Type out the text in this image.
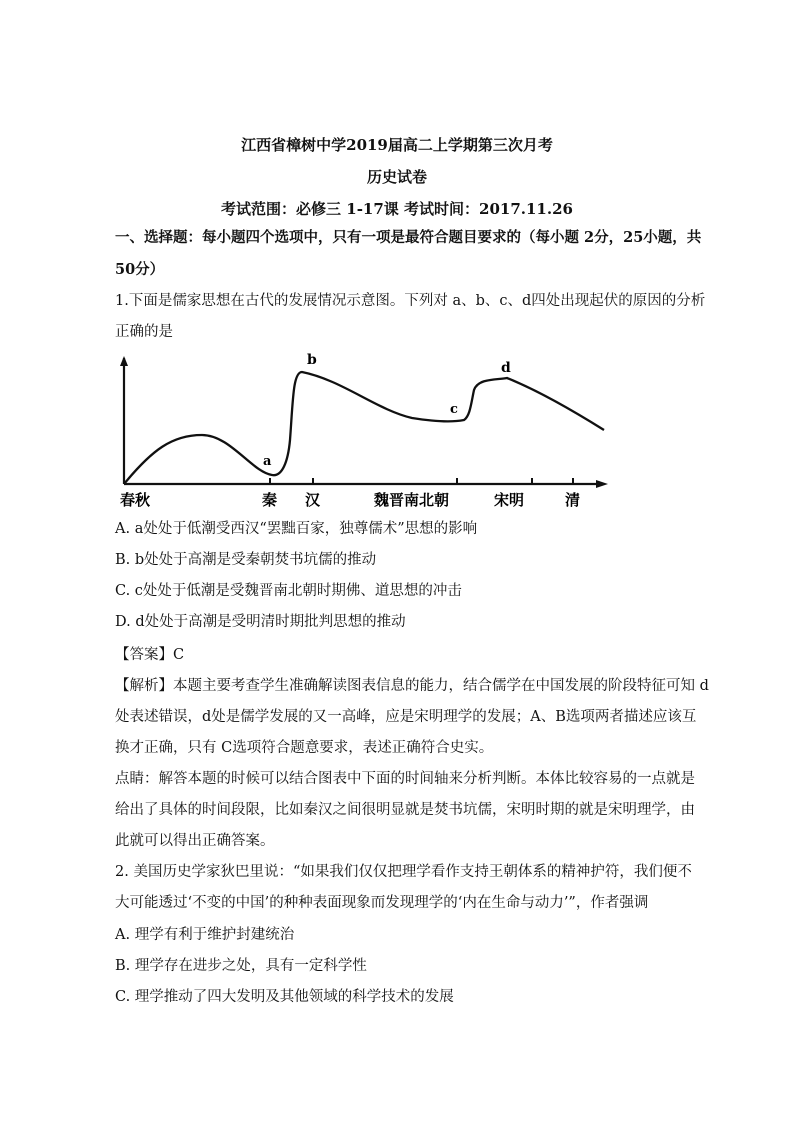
江西省樟树中学2019届高二上学期第三次月考
历史试卷
考试范围：必修三 1-17课 考试时间：2017.11.26
一、选择题：每小题四个选项中，只有一项是最符合题目要求的（每小题 2分，25小题，共
50分）
1.下面是儒家思想在古代的发展情况示意图。下列对 a、b、c、d四处出现起伏的原因的分析
正确的是
a
b
c
d
春秋	秦 汉	魏晋南北朝	宋明	清
A. a处处于低潮受西汉“罢黜百家，独尊儒术”思想的影响
B. b处处于高潮是受秦朝焚书坑儒的推动
C. c处处于低潮是受魏晋南北朝时期佛、道思想的冲击
D. d处处于高潮是受明清时期批判思想的推动
【答案】C
【解析】本题主要考查学生准确解读图表信息的能力，结合儒学在中国发展的阶段特征可知 d
处表述错误，d处是儒学发展的又一高峰，应是宋明理学的发展；A、B选项两者描述应该互
换才正确，只有 C选项符合题意要求，表述正确符合史实。
点睛：解答本题的时候可以结合图表中下面的时间轴来分析判断。本体比较容易的一点就是
给出了具体的时间段限，比如秦汉之间很明显就是焚书坑儒，宋明时期的就是宋明理学，由
此就可以得出正确答案。
2. 美国历史学家狄巴里说：“如果我们仅仅把理学看作支持王朝体系的精神护符，我们便不
大可能透过‘不变的中国’的种种表面现象而发现理学的‘内在生命与动力’”，作者强调
A. 理学有利于维护封建统治
B. 理学存在进步之处，具有一定科学性
C. 理学推动了四大发明及其他领域的科学技术的发展
